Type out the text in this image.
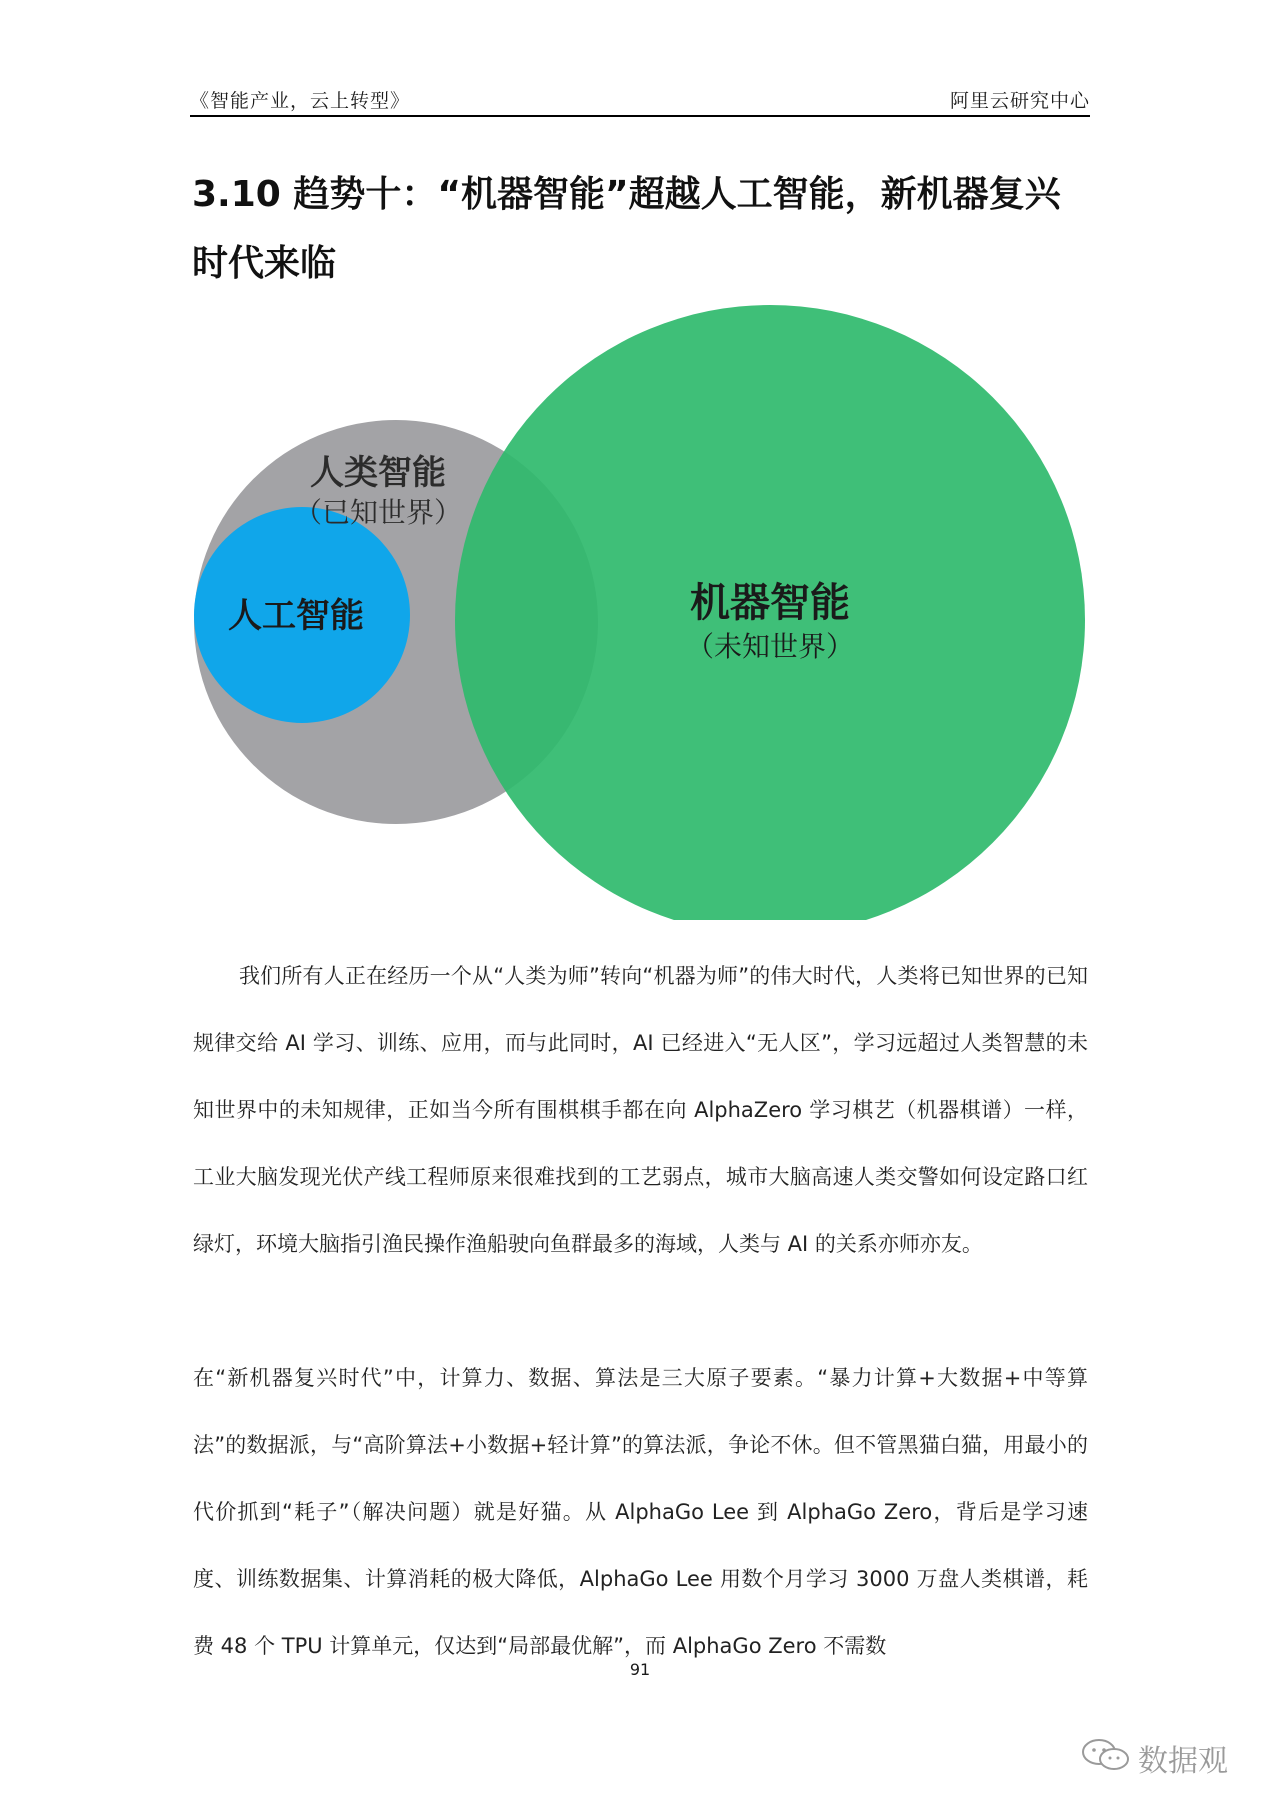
《智能产业，云上转型》	阿里云研究中心
3.10 趋势十：“机器智能”超越人工智能，新机器复兴时代来临
人类智能
（已知世界）
人工智能	机器智能
（未知世界）

我们所有人正在经历一个从“人类为师”转向“机器为师”的伟大时代，人类将已知世界的已知规律交给 AI 学习、训练、应用，而与此同时，AI 已经进入“无人区”，学习远超过人类智慧的未知世界中的未知规律，正如当今所有围棋棋手都在向 AlphaZero 学习棋艺（机器棋谱）一样，工业大脑发现光伏产线工程师原来很难找到的工艺弱点，城市大脑高速人类交警如何设定路口红绿灯，环境大脑指引渔民操作渔船驶向鱼群最多的海域，人类与 AI 的关系亦师亦友。

在“新机器复兴时代”中，计算力、数据、算法是三大原子要素。“暴力计算+大数据+中等算法”的数据派，与“高阶算法+小数据+轻计算”的算法派，争论不休。但不管黑猫白猫，用最小的代价抓到“耗子”（解决问题）就是好猫。从 AlphaGo Lee 到 AlphaGo Zero，背后是学习速度、训练数据集、计算消耗的极大降低，AlphaGo Lee 用数个月学习 3000 万盘人类棋谱，耗费 48 个 TPU 计算单元，仅达到“局部最优解”，而 AlphaGo Zero 不需数

91
数据观
